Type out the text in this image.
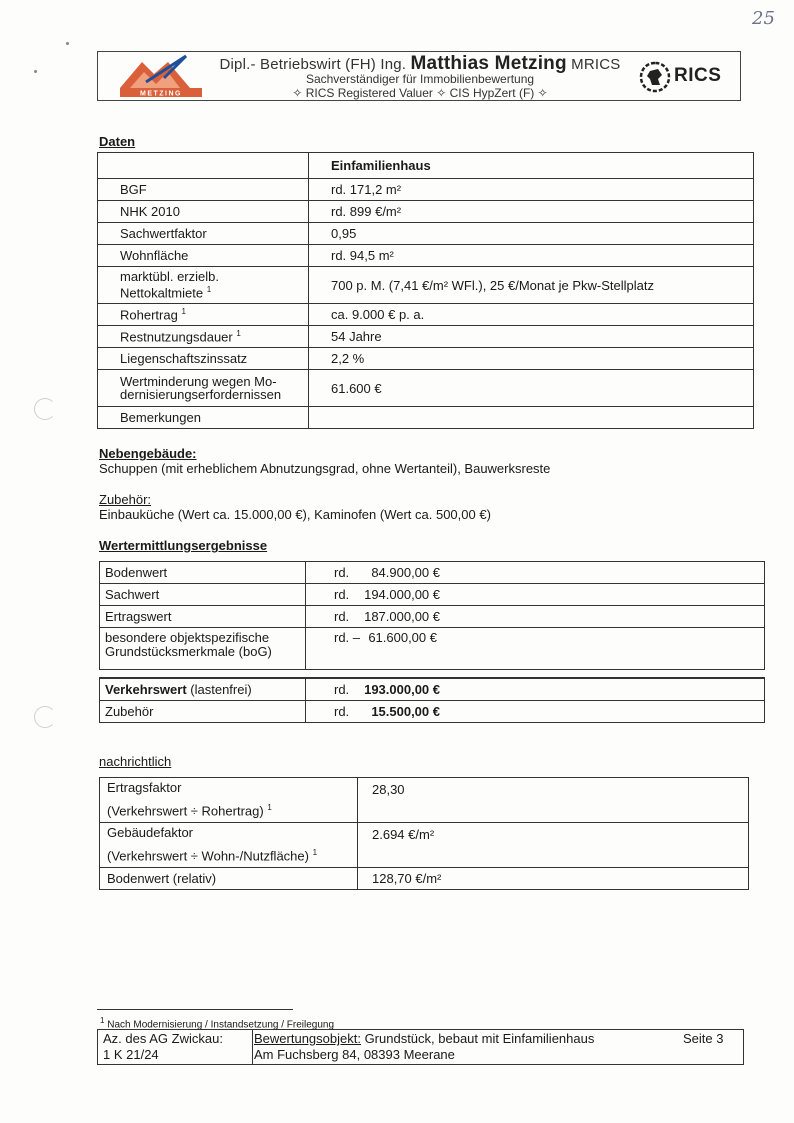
25
METZING
Dipl.- Betriebswirt (FH) Ing. Matthias Metzing MRICS
Sachverständiger für Immobilienbewertung
✧ RICS Registered Valuer ✧ CIS HypZert (F) ✧
RICS
Daten
	Einfamilienhaus
BGF	rd. 171,2 m²
NHK 2010	rd. 899 €/m²
Sachwertfaktor	0,95
Wohnfläche	rd. 94,5 m²
marktübl. erzielb.
Nettokaltmiete $^1$	700 p. M. (7,41 €/m² WFl.), 25 €/Monat je Pkw-Stellplatz
Rohertrag $^1$	ca. 9.000 € p. a.
Restnutzungsdauer $^1$	54 Jahre
Liegenschaftszinssatz	2,2 %
Wertminderung wegen Mo-
dernisierungserfordernissen	61.600 €
Bemerkungen	
Nebengebäude:
Schuppen (mit erheblichem Abnutzungsgrad, ohne Wertanteil), Bauwerksreste
Zubehör:
Einbauküche (Wert ca. 15.000,00 €), Kaminofen (Wert ca. 500,00 €)
Wertermittlungsergebnisse
Bodenwert	rd. 84.900,00 €
Sachwert	rd. 194.000,00 €
Ertragswert	rd. 187.000,00 €
besondere objektspezifische
Grundstücksmerkmale (boG)	rd. – 61.600,00 €
Verkehrswert (lastenfrei)	rd. 193.000,00 €
Zubehör	rd. 15.500,00 €
nachrichtlich
Ertragsfaktor
(Verkehrswert ÷ Rohertrag) $^1$	28,30
Gebäudefaktor
(Verkehrswert ÷ Wohn-/Nutzfläche) $^1$	2.694 €/m²
Bodenwert (relativ)	128,70 €/m²
$^1$ Nach Modernisierung / Instandsetzung / Freilegung
Az. des AG Zwickau:
1 K 21/24
Bewertungsobjekt: Grundstück, bebaut mit Einfamilienhaus
Am Fuchsberg 84, 08393 Meerane
Seite 3
